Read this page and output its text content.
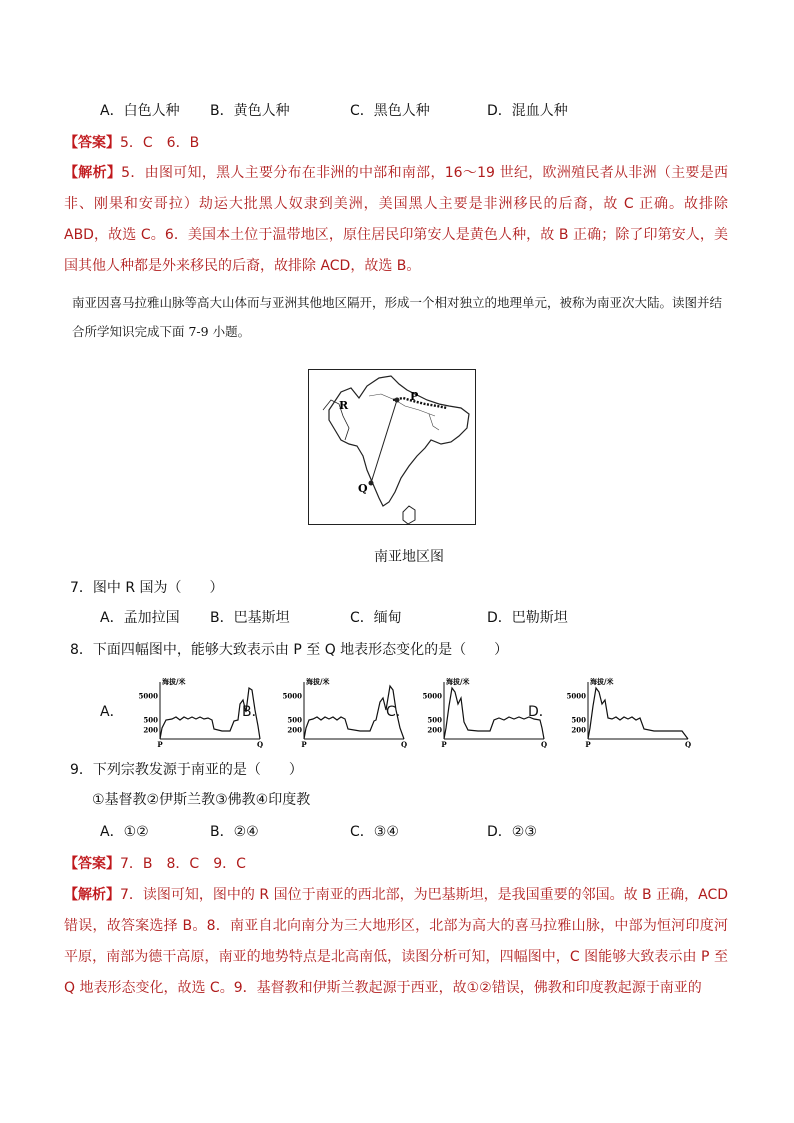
A．白色人种 B．黄色人种	C．黑色人种	D．混血人种
【答案】5．C　6．B
【解析】5．由图可知，黑人主要分布在非洲的中部和南部，16～19 世纪，欧洲殖民者从非洲（主要是西非、刚果和安哥拉）劫运大批黑人奴隶到美洲，美国黑人主要是非洲移民的后裔，故 C 正确。故排除 ABD，故选 C。6．美国本土位于温带地区，原住居民印第安人是黄色人种，故 B 正确；除了印第安人，美国其他人种都是外来移民的后裔，故排除 ACD，故选 B。
南亚因喜马拉雅山脉等高大山体而与亚洲其他地区隔开，形成一个相对独立的地理单元，被称为南亚次大陆。读图并结合所学知识完成下面 7-9 小题。
R
P
Q
南亚地区图
7．图中 R 国为（　　）
A．孟加拉国 B．巴基斯坦	C．缅甸	D．巴勒斯坦
8．下面四幅图中，能够大致表示由 P 至 Q 地表形态变化的是（　　）
A．	B．	C．	D．
海拔/米
5000
500
200
P	Q
海拔/米
5000
500
200
P	Q
海拔/米
5000
500
200
P	Q
海拔/米
5000
500
200
P	Q
9．下列宗教发源于南亚的是（　　）
①基督教②伊斯兰教③佛教④印度教
A．①②	B．②④	C．③④	D．②③
【答案】7．B　8．C　9．C
【解析】7．读图可知，图中的 R 国位于南亚的西北部，为巴基斯坦，是我国重要的邻国。故 B 正确，ACD 错误，故答案选择 B。8．南亚自北向南分为三大地形区，北部为高大的喜马拉雅山脉，中部为恒河印度河平原，南部为德干高原，南亚的地势特点是北高南低，读图分析可知，四幅图中，C 图能够大致表示由 P 至 Q 地表形态变化，故选 C。9．基督教和伊斯兰教起源于西亚，故①②错误，佛教和印度教起源于南亚的
